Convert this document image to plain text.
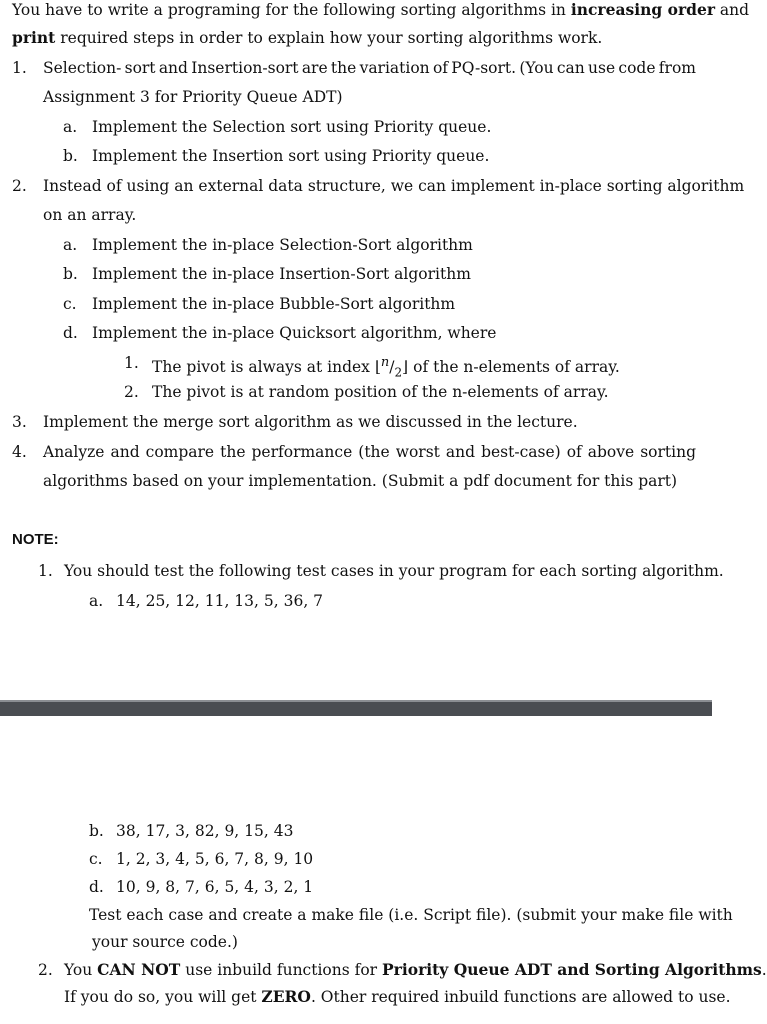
You have to write a programing for the following sorting algorithms in increasing order and
print required steps in order to explain how your sorting algorithms work.
1. Selection- sort and Insertion-sort are the variation of PQ-sort. (You can use code from
Assignment 3 for Priority Queue ADT)
a. Implement the Selection sort using Priority queue.
b. Implement the Insertion sort using Priority queue.
2. Instead of using an external data structure, we can implement in-place sorting algorithm
on an array.
a. Implement the in-place Selection-Sort algorithm
b. Implement the in-place Insertion-Sort algorithm
c. Implement the in-place Bubble-Sort algorithm
d. Implement the in-place Quicksort algorithm, where
1. The pivot is always at index $⌊^n/_2⌋$ of the n-elements of array.
2. The pivot is at random position of the n-elements of array.
3. Implement the merge sort algorithm as we discussed in the lecture.
4. Analyze and compare the performance (the worst and best-case) of above sorting
algorithms based on your implementation. (Submit a pdf document for this part)
NOTE:
1. You should test the following test cases in your program for each sorting algorithm.
a. 14, 25, 12, 11, 13, 5, 36, 7
b. 38, 17, 3, 82, 9, 15, 43
c. 1, 2, 3, 4, 5, 6, 7, 8, 9, 10
d. 10, 9, 8, 7, 6, 5, 4, 3, 2, 1
Test each case and create a make file (i.e. Script file). (submit your make file with
your source code.)
2. You CAN NOT use inbuild functions for Priority Queue ADT and Sorting Algorithms.
If you do so, you will get ZERO. Other required inbuild functions are allowed to use.
